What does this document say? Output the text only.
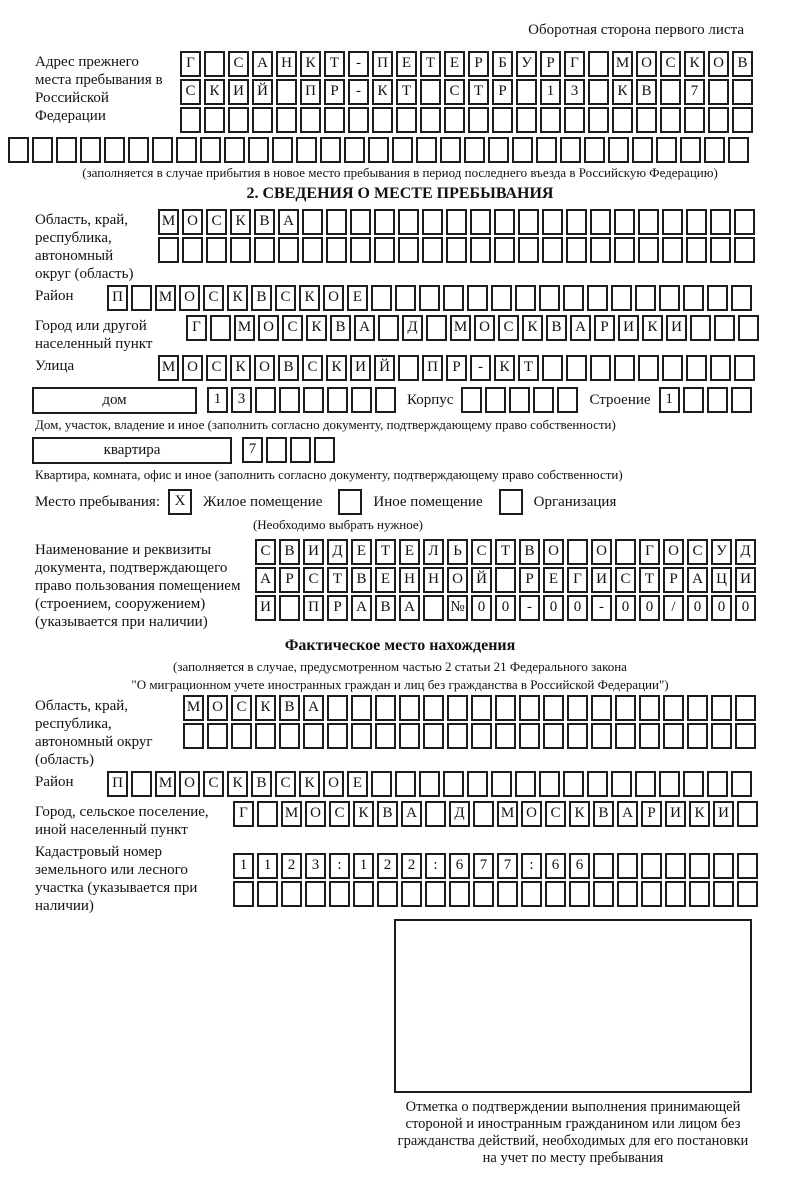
Оборотная сторона первого листа
Адрес прежнего места пребывания в Российской Федерации
Г	С А Н К Т - П Е Т Е Р Б У Р Г М О С К О В
С К И Й П Р - К Т	С Т Р	1 3	К В	7
(заполняется в случае прибытия в новое место пребывания в период последнего въезда в Российскую Федерацию)
2. СВЕДЕНИЯ О МЕСТЕ ПРЕБЫВАНИЯ
Область, край, республика, автономный округ (область)
М О С К В А
Район	П М О С К В С К О Е
Город или другой населенный пункт
Г М О С К В А Д М О С К В А Р И К И
Улица	М О С К О В С К И Й П Р - К Т
дом	1 3	Корпус	Строение 1
Дом, участок, владение и иное (заполнить согласно документу, подтверждающему право собственности)
квартира	7
Квартира, комната, офис и иное (заполнить согласно документу, подтверждающему право собственности)
Место пребывания: X	Жилое помещение	Иное помещение	Организация
(Необходимо выбрать нужное)
Наименование и реквизиты документа, подтверждающего право пользования помещением (строением, сооружением) (указывается при наличии)
С В И Д Е Т Е Л Ь С Т В О О	Г О С У Д
А Р С Т В Е Н Н О Й	Р Е Г И С Т Р А Ц И
И П Р А В А № 0 0 - 0 0 - 0 0 / 0 0 0
Фактическое место нахождения
(заполняется в случае, предусмотренном частью 2 статьи 21 Федерального закона
"О миграционном учете иностранных граждан и лиц без гражданства в Российской Федерации")
Область, край, республика, автономный округ (область)
М О С К В А
Район	П М О С К В С К О Е
Город, сельское поселение, иной населенный пункт
Г М О С К В А Д М О С К В А Р И К И
Кадастровый номер земельного или лесного участка (указывается при наличии)
1 1 2 3 : 1 2 2 : 6 7 7 : 6 6
Отметка о подтверждении выполнения принимающей стороной и иностранным гражданином или лицом без гражданства действий, необходимых для его постановки на учет по месту пребывания
